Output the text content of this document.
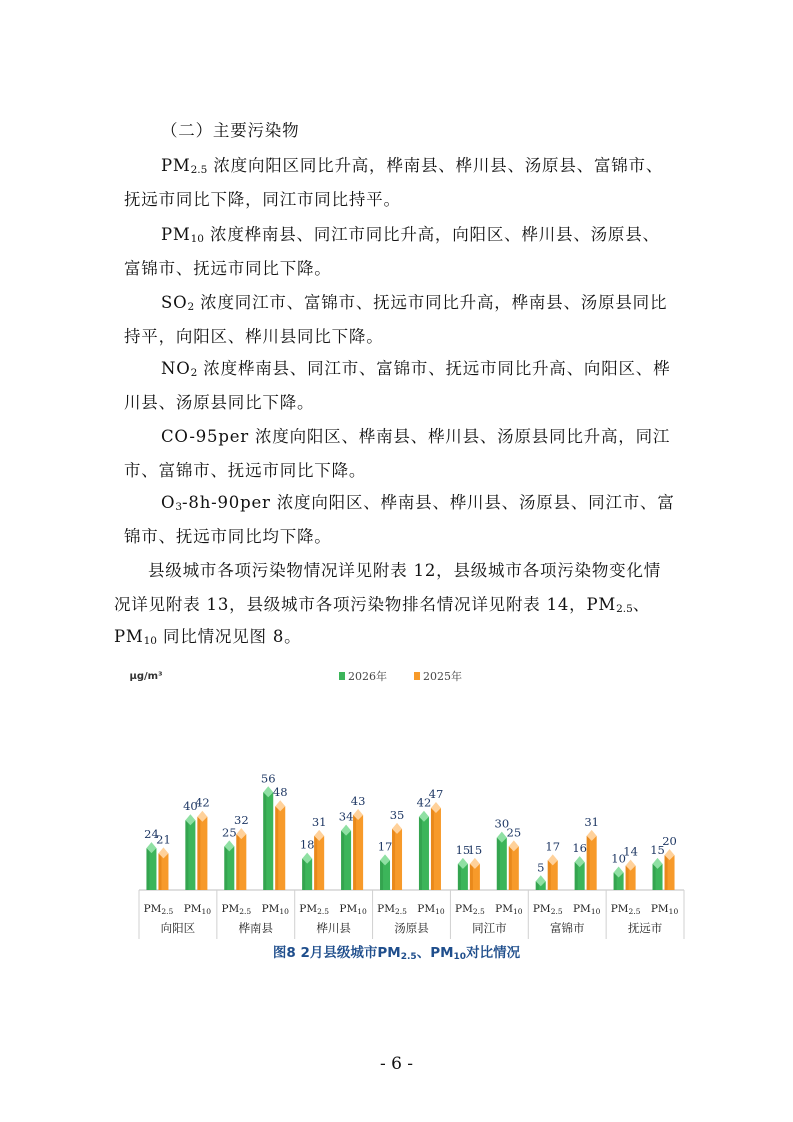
（二）主要污染物
$PM_{2.5}$ 浓度向阳区同比升高，桦南县、桦川县、汤原县、富锦市、
抚远市同比下降，同江市同比持平。
$PM_{10}$ 浓度桦南县、同江市同比升高，向阳区、桦川县、汤原县、
富锦市、抚远市同比下降。
$SO_2$ 浓度同江市、富锦市、抚远市同比升高，桦南县、汤原县同比
持平，向阳区、桦川县同比下降。
$NO_2$ 浓度桦南县、同江市、富锦市、抚远市同比升高、向阳区、桦
川县、汤原县同比下降。
CO-95per 浓度向阳区、桦南县、桦川县、汤原县同比升高，同江
市、富锦市、抚远市同比下降。
$O_3-8h-90per$ 浓度向阳区、桦南县、桦川县、汤原县、同江市、富
锦市、抚远市同比均下降。
县级城市各项污染物情况详见附表 12，县级城市各项污染物变化情
况详见附表 13，县级城市各项污染物排名情况详见附表 14，$PM_{2.5}$、
$PM_{10}$ 同比情况见图 8。
μg/m³	2026年	2025年
PM2.5
24
21
PM10
40
42
向阳区
PM2.5
25
32
PM10
56
48
桦南县
PM2.5
18
31
PM10
34
43
桦川县
PM2.5
17
35
PM10
42
47
汤原县
PM2.5
15
15
PM10
30
25
同江市
PM2.5
5
17
PM10
16
31
富锦市
PM2.5
10
14
PM10
15
20
抚远市
图8 2月县级城市$PM_{2.5}$、$PM_{10}$对比情况
- 6 -
